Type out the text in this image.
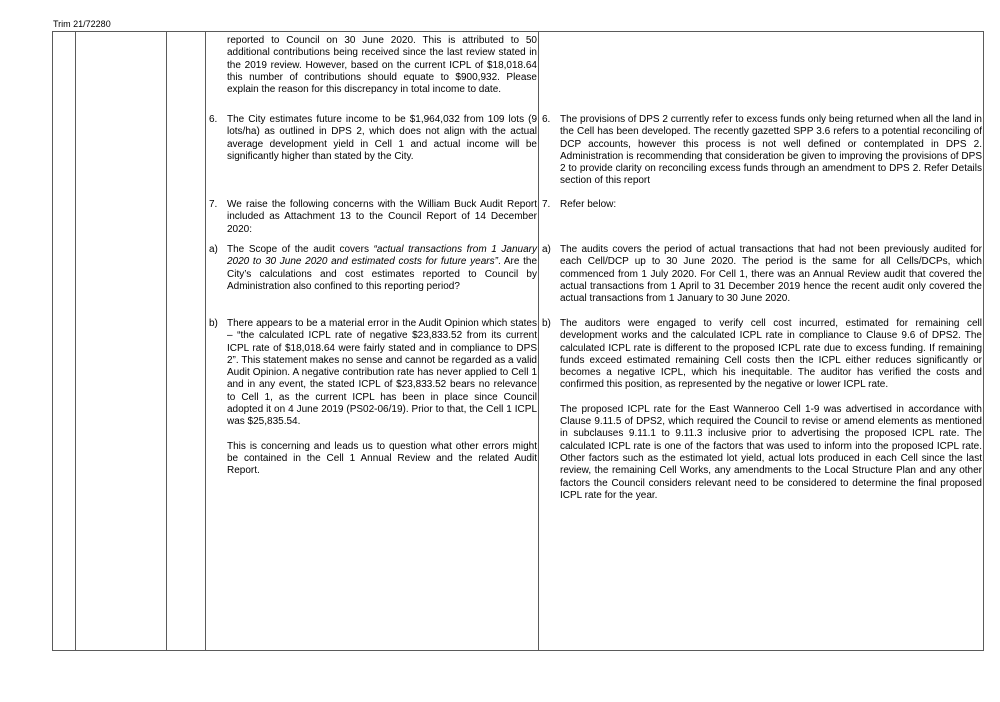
Trim 21/72280

reported to Council on 30 June 2020. This is attributed to 50 additional contributions being received since the last review stated in the 2019 review. However, based on the current ICPL of $18,018.64 this number of contributions should equate to $900,932. Please explain the reason for this discrepancy in total income to date.

6. The City estimates future income to be $1,964,032 from 109 lots (9 lots/ha) as outlined in DPS 2, which does not align with the actual average development yield in Cell 1 and actual income will be significantly higher than stated by the City.

7. We raise the following concerns with the William Buck Audit Report included as Attachment 13 to the Council Report of 14 December 2020:

a) The Scope of the audit covers “actual transactions from 1 January 2020 to 30 June 2020 and estimated costs for future years”. Are the City’s calculations and cost estimates reported to Council by Administration also confined to this reporting period?

b) There appears to be a material error in the Audit Opinion which states – “the calculated ICPL rate of negative $23,833.52 from its current ICPL rate of $18,018.64 were fairly stated and in compliance to DPS 2”. This statement makes no sense and cannot be regarded as a valid Audit Opinion. A negative contribution rate has never applied to Cell 1 and in any event, the stated ICPL of $23,833.52 bears no relevance to Cell 1, as the current ICPL has been in place since Council adopted it on 4 June 2019 (PS02-06/19). Prior to that, the Cell 1 ICPL was $25,835.54.

This is concerning and leads us to question what other errors might be contained in the Cell 1 Annual Review and the related Audit Report.

6. The provisions of DPS 2 currently refer to excess funds only being returned when all the land in the Cell has been developed. The recently gazetted SPP 3.6 refers to a potential reconciling of DCP accounts, however this process is not well defined or contemplated in DPS 2. Administration is recommending that consideration be given to improving the provisions of DPS 2 to provide clarity on reconciling excess funds through an amendment to DPS 2. Refer Details section of this report

7. Refer below:

a) The audits covers the period of actual transactions that had not been previously audited for each Cell/DCP up to 30 June 2020. The period is the same for all Cells/DCPs, which commenced from 1 July 2020. For Cell 1, there was an Annual Review audit that covered the actual transactions from 1 April to 31 December 2019 hence the recent audit only covered the actual transactions from 1 January to 30 June 2020.

b) The auditors were engaged to verify cell cost incurred, estimated for remaining cell development works and the calculated ICPL rate in compliance to Clause 9.6 of DPS2. The calculated ICPL rate is different to the proposed ICPL rate due to excess funding. If remaining funds exceed estimated remaining Cell costs then the ICPL either reduces significantly or becomes a negative ICPL, which his inequitable. The auditor has verified the costs and confirmed this position, as represented by the negative or lower ICPL rate.

The proposed ICPL rate for the East Wanneroo Cell 1-9 was advertised in accordance with Clause 9.11.5 of DPS2, which required the Council to revise or amend elements as mentioned in subclauses 9.11.1 to 9.11.3 inclusive prior to advertising the proposed ICPL rate. The calculated ICPL rate is one of the factors that was used to inform into the proposed ICPL rate. Other factors such as the estimated lot yield, actual lots produced in each Cell since the last review, the remaining Cell Works, any amendments to the Local Structure Plan and any other factors the Council considers relevant need to be considered to determine the final proposed ICPL rate for the year.
